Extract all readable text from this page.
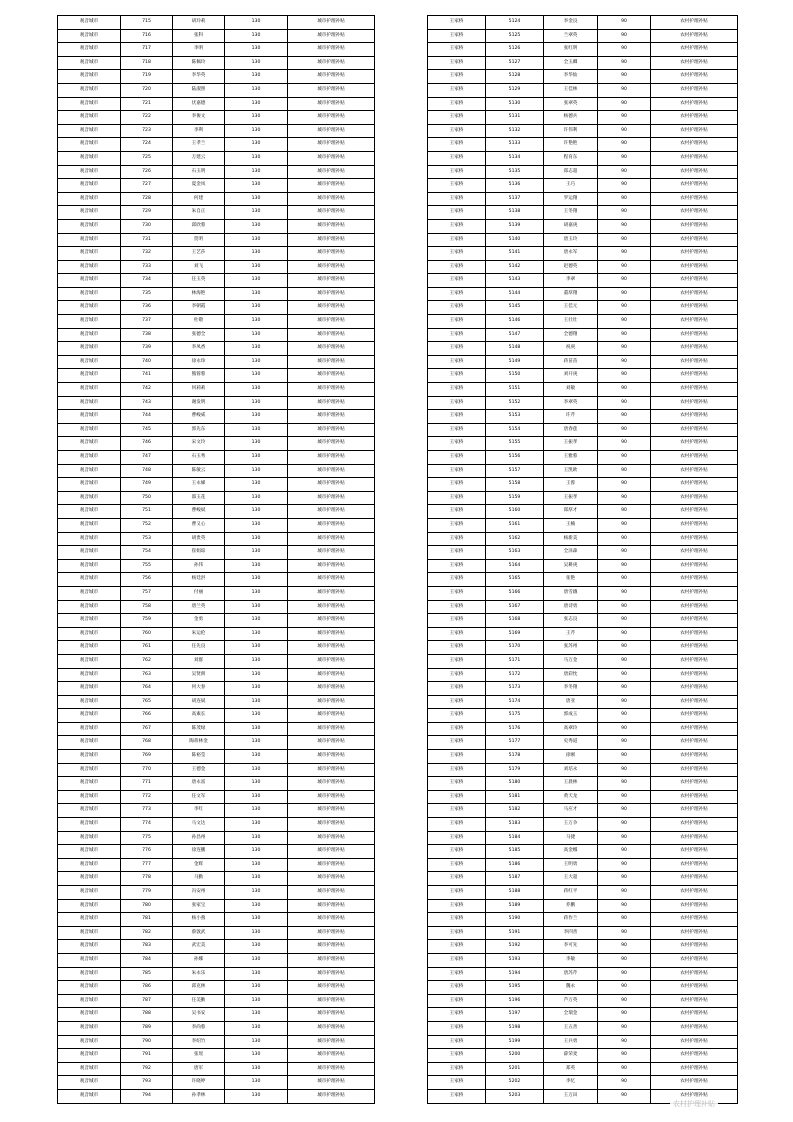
观音城市	715	胡玲莉	130	城市护理补贴
观音城市	716	张科	130	城市护理补贴
观音城市	717	李明	130	城市护理补贴
观音城市	718	陈佩玲	130	城市护理补贴
观音城市	719	李华英	130	城市护理补贴
观音城市	720	陆淑照	130	城市护理补贴
观音城市	721	伏嘉德	130	城市护理补贴
观音城市	722	李俊文	130	城市护理补贴
观音城市	723	李利	130	城市护理补贴
观音城市	724	王孝兰	130	城市护理补贴
观音城市	725	万建云	130	城市护理补贴
观音城市	726	石玉明	130	城市护理补贴
观音城市	727	夏金凤	130	城市护理补贴
观音城市	728	何建	130	城市护理补贴
观音城市	729	朱自正	130	城市护理补贴
观音城市	730	邱欣蓉	130	城市护理补贴
观音城市	731	贺明	130	城市护理补贴
观音城市	732	王艺莎	130	城市护理补贴
观音城市	733	刘飞	130	城市护理补贴
观音城市	734	任玉英	130	城市护理补贴
观音城市	735	林海艳	130	城市护理补贴
观音城市	736	李朝霞	130	城市护理补贴
观音城市	737	杜敬	130	城市护理补贴
观音城市	738	张德全	130	城市护理补贴
观音城市	739	李凤香	130	城市护理补贴
观音城市	740	徐永珍	130	城市护理补贴
观音城市	741	熊蓉蓉	130	城市护理补贴
观音城市	742	何莉莉	130	城市护理补贴
观音城市	743	谢发明	130	城市护理补贴
观音城市	744	曹峻威	130	城市护理补贴
观音城市	745	郭先东	130	城市护理补贴
观音城市	746	宋文玲	130	城市护理补贴
观音城市	747	石玉秀	130	城市护理补贴
观音城市	748	陈敏云	130	城市护理补贴
观音城市	749	王永娣	130	城市护理补贴
观音城市	750	邵玉花	130	城市护理补贴
观音城市	751	曹峻斌	130	城市护理补贴
观音城市	752	曹又心	130	城市护理补贴
观音城市	753	胡贵英	130	城市护理补贴
观音城市	754	崔娟琼	130	城市护理补贴
观音城市	755	孙伟	130	城市护理补贴
观音城市	756	杨廷洪	130	城市护理补贴
观音城市	757	付丽	130	城市护理补贴
观音城市	758	唐兰英	130	城市护理补贴
观音城市	759	金勇	130	城市护理补贴
观音城市	760	朱运伦	130	城市护理补贴
观音城市	761	任先良	130	城市护理补贴
观音城市	762	刘群	130	城市护理补贴
观音城市	763	吴贤朗	130	城市护理补贴
观音城市	764	何大春	130	城市护理补贴
观音城市	765	胡连斌	130	城市护理补贴
观音城市	766	高素长	130	城市护理补贴
观音城市	767	陈茂绿	130	城市护理补贴
观音城市	768	陶蒋林金	130	城市护理补贴
观音城市	769	陈裕莹	130	城市护理补贴
观音城市	770	王德金	130	城市护理补贴
观音城市	771	唐永富	130	城市护理补贴
观音城市	772	任文军	130	城市护理补贴
观音城市	773	李红	130	城市护理补贴
观音城市	774	马文达	130	城市护理补贴
观音城市	775	孙昌州	130	城市护理补贴
观音城市	776	徐连鹏	130	城市护理补贴
观音城市	777	金辉	130	城市护理补贴
观音城市	778	马勤	130	城市护理补贴
观音城市	779	冯安州	130	城市护理补贴
观音城市	780	张家宝	130	城市护理补贴
观音城市	781	杨小燕	130	城市护理补贴
观音城市	782	蔡敦武	130	城市护理补贴
观音城市	783	武宏美	130	城市护理补贴
观音城市	784	孙娜	130	城市护理补贴
观音城市	785	朱永乐	130	城市护理补贴
观音城市	786	邱克林	130	城市护理补贴
观音城市	787	任美勤	130	城市护理补贴
观音城市	788	吴书安	130	城市护理补贴
观音城市	789	李尚蓉	130	城市护理补贴
观音城市	790	李绍竹	130	城市护理补贴
观音城市	791	张瑶	130	城市护理补贴
观音城市	792	唐军	130	城市护理补贴
观音城市	793	许晓婷	130	城市护理补贴
观音城市	794	孙孝林	130	城市护理补贴
王家桥	5124	李金良	90	农村护理补贴
王家桥	5125	兰翠英	90	农村护理补贴
王家桥	5126	张红明	90	农村护理补贴
王家桥	5127	全玉卿	90	农村护理补贴
王家桥	5128	李华仙	90	农村护理补贴
王家桥	5129	王佳林	90	农村护理补贴
王家桥	5130	张翠英	90	农村护理补贴
王家桥	5131	杨德兵	90	农村护理补贴
王家桥	5132	许伟利	90	农村护理补贴
王家桥	5133	许艳艳	90	农村护理补贴
王家桥	5134	程育东	90	农村护理补贴
王家桥	5135	郑志超	90	农村护理补贴
王家桥	5136	王巧	90	农村护理补贴
王家桥	5137	罗运翔	90	农村护理补贴
王家桥	5138	王冬翔	90	农村护理补贴
王家桥	5139	胡嘉庚	90	农村护理补贴
王家桥	5140	唐玉玲	90	农村护理补贴
王家桥	5141	唐永军	90	农村护理补贴
王家桥	5142	赵德英	90	农村护理补贴
王家桥	5143	李翠	90	农村护理补贴
王家桥	5144	董厚翔	90	农村护理补贴
王家桥	5145	王佳元	90	农村护理补贴
王家桥	5146	王壮壮	90	农村护理补贴
王家桥	5147	全德翔	90	农村护理补贴
王家桥	5148	祝庚	90	农村护理补贴
王家桥	5149	蒋苗苗	90	农村护理补贴
王家桥	5150	刘开庚	90	农村护理补贴
王家桥	5151	刘敏	90	农村护理补贴
王家桥	5152	李翠英	90	农村护理补贴
王家桥	5153	许芹	90	农村护理补贴
王家桥	5154	唐春莲	90	农村护理补贴
王家桥	5155	王振孝	90	农村护理补贴
王家桥	5156	王雅蓉	90	农村护理补贴
王家桥	5157	王凯欧	90	农村护理补贴
王家桥	5158	王蓉	90	农村护理补贴
王家桥	5159	王振孝	90	农村护理补贴
王家桥	5160	郑厚才	90	农村护理补贴
王家桥	5161	王楠	90	农村护理补贴
王家桥	5162	杨新美	90	农村护理补贴
王家桥	5163	全泽森	90	农村护理补贴
王家桥	5164	吴耕庚	90	农村护理补贴
王家桥	5165	张艳	90	农村护理补贴
王家桥	5166	唐雪娥	90	农村护理补贴
王家桥	5167	唐诗勇	90	农村护理补贴
王家桥	5168	张志良	90	农村护理补贴
王家桥	5169	王芹	90	农村护理补贴
王家桥	5170	张苏州	90	农村护理补贴
王家桥	5171	马万金	90	农村护理补贴
王家桥	5172	唐彩忱	90	农村护理补贴
王家桥	5173	李冬翔	90	农村护理补贴
王家桥	5174	唐亚	90	农村护理补贴
王家桥	5175	郭成玉	90	农村护理补贴
王家桥	5176	高翠玲	90	农村护理补贴
王家桥	5177	史秀道	90	农村护理补贴
王家桥	5178	徐刚	90	农村护理补贴
王家桥	5179	刘培永	90	农村护理补贴
王家桥	5180	王晨林	90	农村护理补贴
王家桥	5181	黄天龙	90	农村护理补贴
王家桥	5182	马应才	90	农村护理补贴
王家桥	5183	王万争	90	农村护理补贴
王家桥	5184	马捷	90	农村护理补贴
王家桥	5185	高金娜	90	农村护理补贴
王家桥	5186	王明勇	90	农村护理补贴
王家桥	5187	王大超	90	农村护理补贴
王家桥	5188	蒋红平	90	农村护理补贴
王家桥	5189	乔鹏	90	农村护理补贴
王家桥	5190	蒋作兰	90	农村护理补贴
王家桥	5191	李四善	90	农村护理补贴
王家桥	5192	李可先	90	农村护理补贴
王家桥	5193	李敏	90	农村护理补贴
王家桥	5194	唐苏芹	90	农村护理补贴
王家桥	5195	魏永	90	农村护理补贴
王家桥	5196	芦万英	90	农村护理补贴
王家桥	5197	全瑞金	90	农村护理补贴
王家桥	5198	王五善	90	农村护理补贴
王家桥	5199	王兵勇	90	农村护理补贴
王家桥	5200	薛荣麦	90	农村护理补贴
王家桥	5201	郑英	90	农村护理补贴
王家桥	5202	李忆	90	农村护理补贴
王家桥	5203	王万田	90	农村护理补贴
农村护理补贴
